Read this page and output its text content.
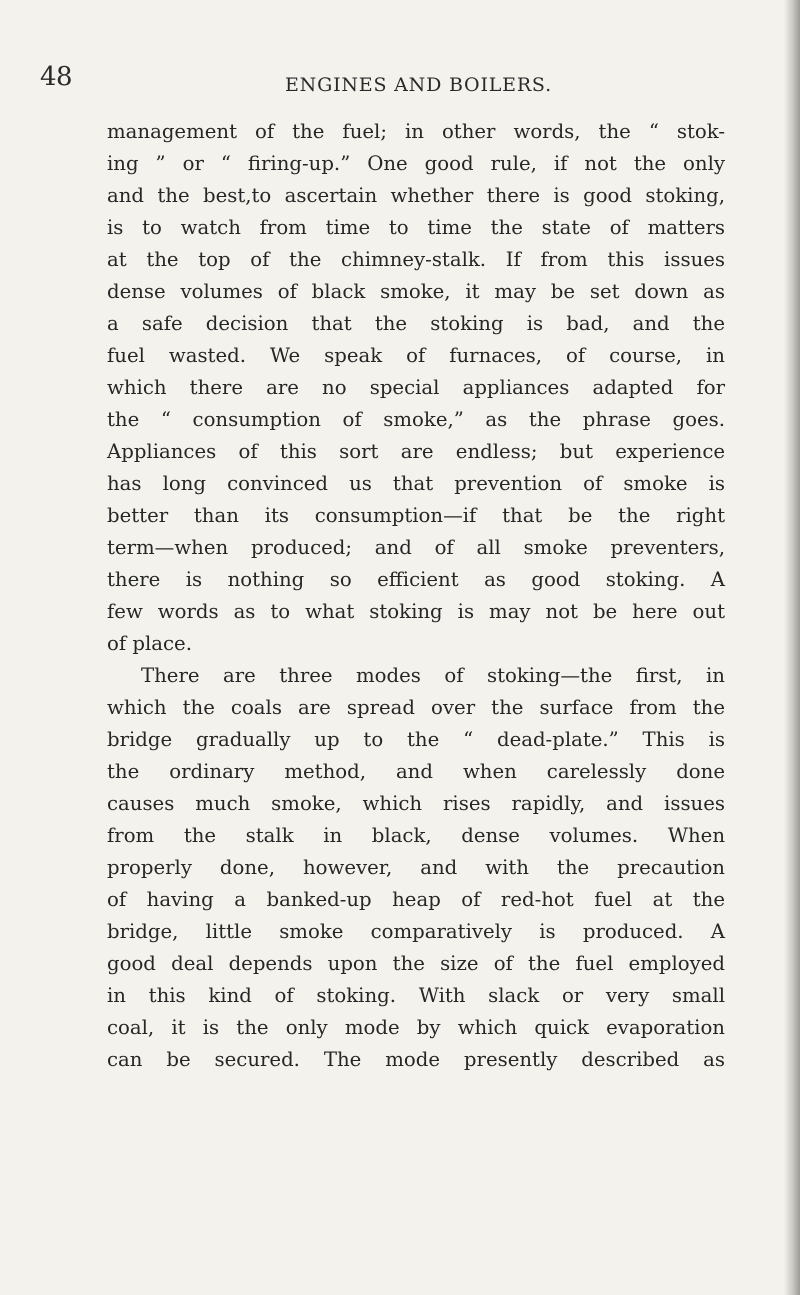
48	ENGINES AND BOILERS.
management of the fuel; in other words, the “ stok-
ing ” or “ firing-up.” One good rule, if not the only
and the best,to ascertain whether there is good stoking,
is to watch from time to time the state of matters
at the top of the chimney-stalk. If from this issues
dense volumes of black smoke, it may be set down as
a safe decision that the stoking is bad, and the
fuel wasted. We speak of furnaces, of course, in
which there are no special appliances adapted for
the “ consumption of smoke,” as the phrase goes.
Appliances of this sort are endless; but experience
has long convinced us that prevention of smoke is
better than its consumption—if that be the right
term—when produced; and of all smoke preventers,
there is nothing so efficient as good stoking. A
few words as to what stoking is may not be here out
of place.
There are three modes of stoking—the first, in
which the coals are spread over the surface from the
bridge gradually up to the “ dead-plate.” This is
the ordinary method, and when carelessly done
causes much smoke, which rises rapidly, and issues
from the stalk in black, dense volumes. When
properly done, however, and with the precaution
of having a banked-up heap of red-hot fuel at the
bridge, little smoke comparatively is produced. A
good deal depends upon the size of the fuel employed
in this kind of stoking. With slack or very small
coal, it is the only mode by which quick evaporation
can be secured. The mode presently described as
